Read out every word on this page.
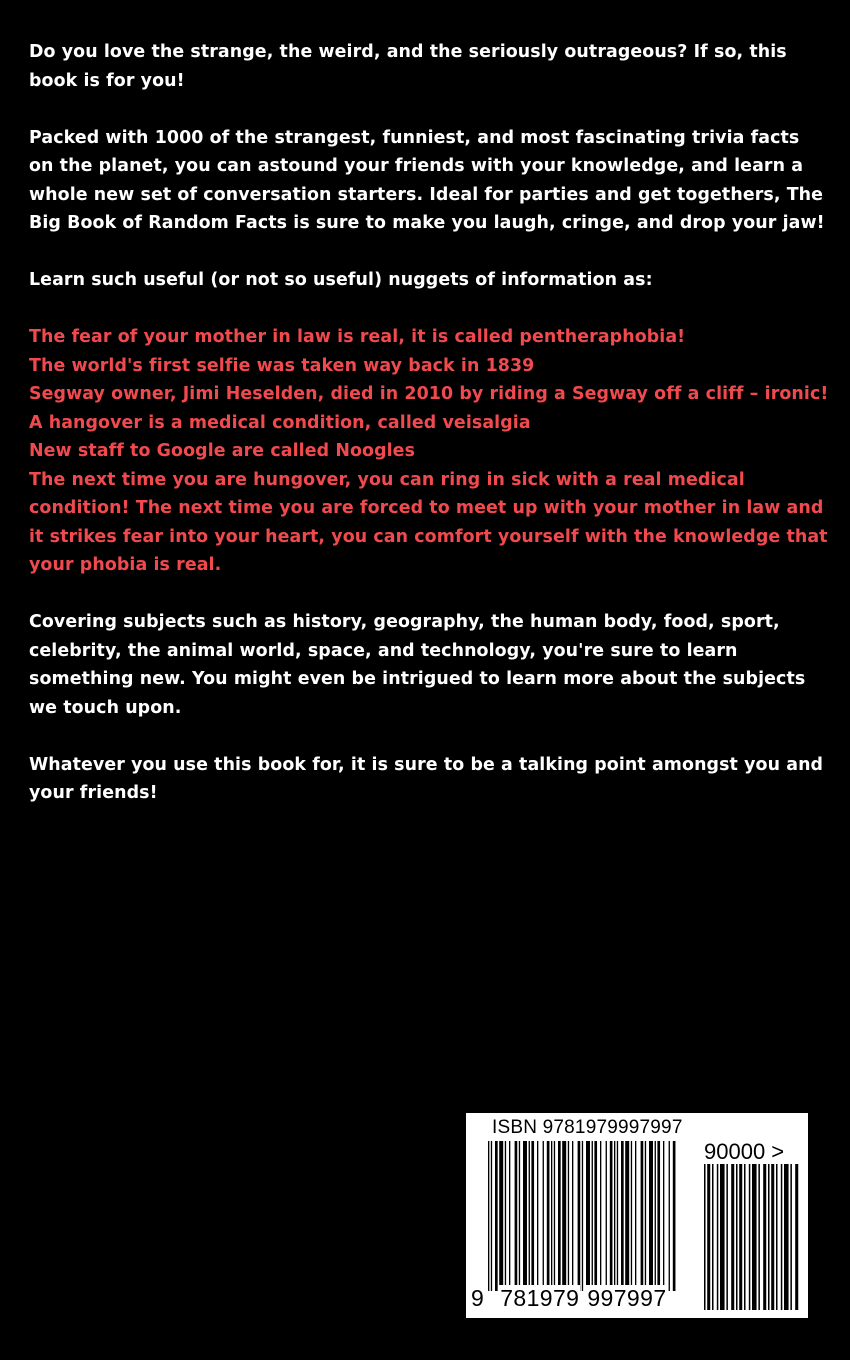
Do you love the strange, the weird, and the seriously outrageous? If so, this book is for you!

Packed with 1000 of the strangest, funniest, and most fascinating trivia facts on the planet, you can astound your friends with your knowledge, and learn a whole new set of conversation starters. Ideal for parties and get togethers, The Big Book of Random Facts is sure to make you laugh, cringe, and drop your jaw!

Learn such useful (or not so useful) nuggets of information as:

The fear of your mother in law is real, it is called pentheraphobia!
The world's first selfie was taken way back in 1839
Segway owner, Jimi Heselden, died in 2010 by riding a Segway off a cliff – ironic!
A hangover is a medical condition, called veisalgia
New staff to Google are called Noogles
The next time you are hungover, you can ring in sick with a real medical condition! The next time you are forced to meet up with your mother in law and it strikes fear into your heart, you can comfort yourself with the knowledge that your phobia is real.

Covering subjects such as history, geography, the human body, food, sport, celebrity, the animal world, space, and technology, you're sure to learn something new. You might even be intrigued to learn more about the subjects we touch upon.

Whatever you use this book for, it is sure to be a talking point amongst you and your friends!

ISBN 9781979997997
90000 >
9 781979 997997
